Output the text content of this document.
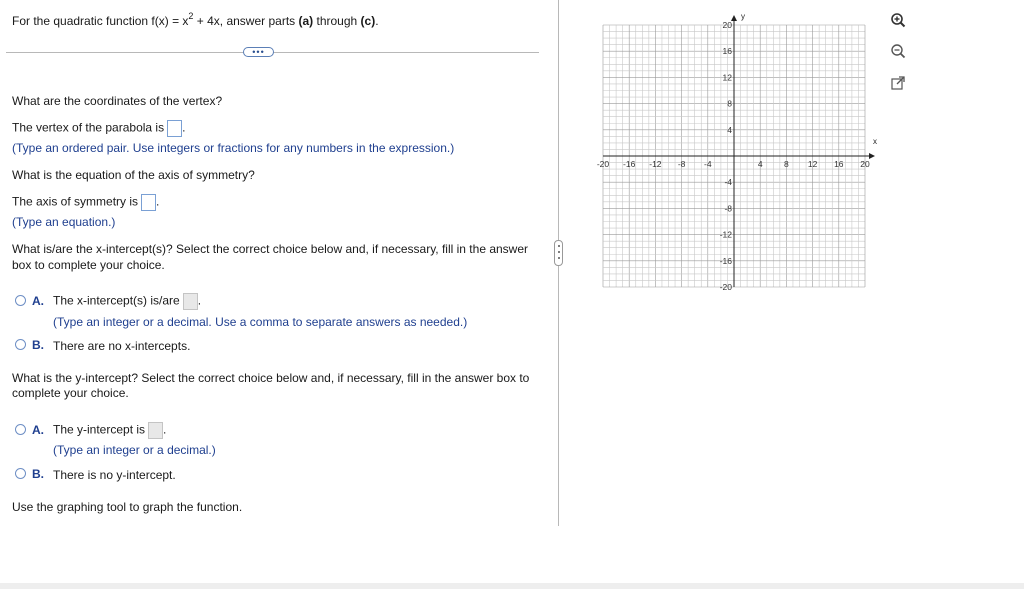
For the quadratic function $f(x) = x^2 + 4x$, answer parts (a) through (c).
•••
What are the coordinates of the vertex?
The vertex of the parabola is .
(Type an ordered pair. Use integers or fractions for any numbers in the expression.)
What is the equation of the axis of symmetry?
The axis of symmetry is .
(Type an equation.)
What is/are the x-intercept(s)? Select the correct choice below and, if necessary, fill in the answer
box to complete your choice.
A. The x-intercept(s) is/are .
(Type an integer or a decimal. Use a comma to separate answers as needed.)
B. There are no x-intercepts.
What is the y-intercept? Select the correct choice below and, if necessary, fill in the answer box to
complete your choice.
A. The y-intercept is .
(Type an integer or a decimal.)
B. There is no y-intercept.
Use the graphing tool to graph the function.
x
y
-20 -16 -12 -8 -4	4	8 12 16 20
20
16
12
8
4
-4
-8
-12
-16
-20
